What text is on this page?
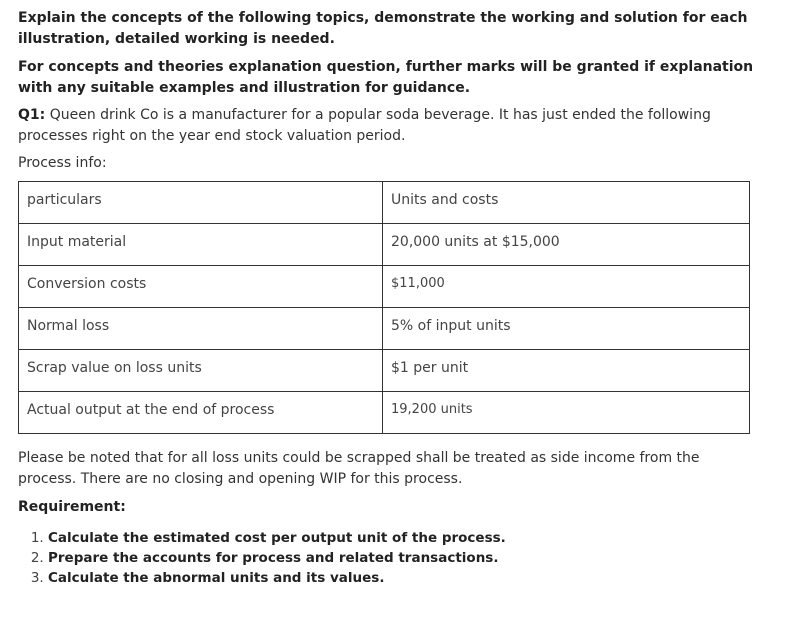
Explain the concepts of the following topics, demonstrate the working and solution for each illustration, detailed working is needed.

For concepts and theories explanation question, further marks will be granted if explanation with any suitable examples and illustration for guidance.

Q1: Queen drink Co is a manufacturer for a popular soda beverage. It has just ended the following processes right on the year end stock valuation period.

Process info:

particulars	Units and costs
Input material	20,000 units at $15,000
Conversion costs	$11,000
Normal loss	5% of input units
Scrap value on loss units	$1 per unit
Actual output at the end of process	19,200 units

Please be noted that for all loss units could be scrapped shall be treated as side income from the process. There are no closing and opening WIP for this process.

Requirement:

1. Calculate the estimated cost per output unit of the process.
2. Prepare the accounts for process and related transactions.
3. Calculate the abnormal units and its values.
